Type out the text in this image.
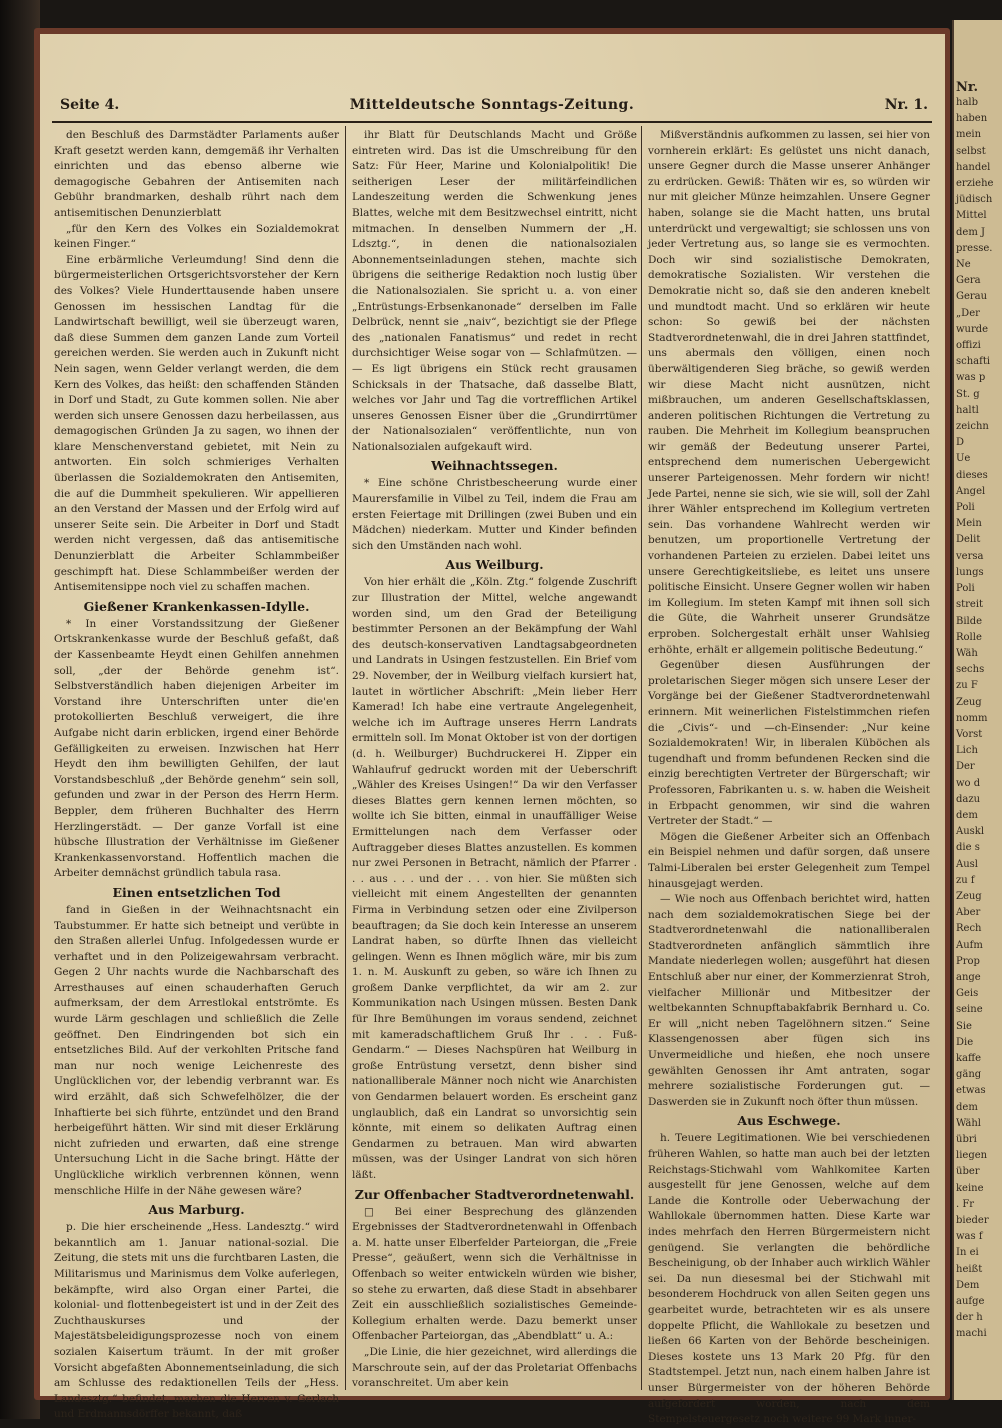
Seite 4.	Mitteldeutsche Sonntags-Zeitung.	Nr. 1.

den Beschluß des Darmstädter Parlaments außer Kraft gesetzt werden kann, demgemäß ihr Verhalten einrichten und das ebenso alberne wie demagogische Gebahren der Antisemiten nach Gebühr brandmarken, deshalb rührt nach dem antisemitischen Denunzierblatt

„für den Kern des Volkes ein Sozialdemokrat keinen Finger.“

Eine erbärmliche Verleumdung! Sind denn die bürgermeisterlichen Ortsgerichtsvorsteher der Kern des Volkes? Viele Hunderttausende haben unsere Genossen im hessischen Landtag für die Landwirtschaft bewilligt, weil sie überzeugt waren, daß diese Summen dem ganzen Lande zum Vorteil gereichen werden. Sie werden auch in Zukunft nicht Nein sagen, wenn Gelder verlangt werden, die dem Kern des Volkes, das heißt: den schaffenden Ständen in Dorf und Stadt, zu Gute kommen sollen. Nie aber werden sich unsere Genossen dazu herbeilassen, aus demagogischen Gründen Ja zu sagen, wo ihnen der klare Menschenverstand gebietet, mit Nein zu antworten. Ein solch schmieriges Verhalten überlassen die Sozialdemokraten den Antisemiten, die auf die Dummheit spekulieren. Wir appellieren an den Verstand der Massen und der Erfolg wird auf unserer Seite sein. Die Arbeiter in Dorf und Stadt werden nicht vergessen, daß das antisemitische Denunzierblatt die Arbeiter Schlammbeißer geschimpft hat. Diese Schlammbeißer werden der Antisemitensippe noch viel zu schaffen machen.

Gießener Krankenkassen-Idylle.

* In einer Vorstandssitzung der Gießener Ortskrankenkasse wurde der Beschluß gefaßt, daß der Kassenbeamte Heydt einen Gehilfen annehmen soll, „der der Behörde genehm ist“. Selbstverständlich haben diejenigen Arbeiter im Vorstand ihre Unterschriften unter die'en protokollierten Beschluß verweigert, die ihre Aufgabe nicht darin erblicken, irgend einer Behörde Gefälligkeiten zu erweisen. Inzwischen hat Herr Heydt den ihm bewilligten Gehilfen, der laut Vorstandsbeschluß „der Behörde genehm“ sein soll, gefunden und zwar in der Person des Herrn Herm. Beppler, dem früheren Buchhalter des Herrn Herzlingerstädt. — Der ganze Vorfall ist eine hübsche Illustration der Verhältnisse im Gießener Krankenkassenvorstand. Hoffentlich machen die Arbeiter demnächst gründlich tabula rasa.

Einen entsetzlichen Tod

fand in Gießen in der Weihnachtsnacht ein Taubstummer. Er hatte sich betneipt und verübte in den Straßen allerlei Unfug. Infolgedessen wurde er verhaftet und in den Polizeigewahrsam verbracht. Gegen 2 Uhr nachts wurde die Nachbarschaft des Arresthauses auf einen schauderhaften Geruch aufmerksam, der dem Arrestlokal entströmte. Es wurde Lärm geschlagen und schließlich die Zelle geöffnet. Den Eindringenden bot sich ein entsetzliches Bild. Auf der verkohlten Pritsche fand man nur noch wenige Leichenreste des Unglücklichen vor, der lebendig verbrannt war. Es wird erzählt, daß sich Schwefelhölzer, die der Inhaftierte bei sich führte, entzündet und den Brand herbeigeführt hätten. Wir sind mit dieser Erklärung nicht zufrieden und erwarten, daß eine strenge Untersuchung Licht in die Sache bringt. Hätte der Unglückliche wirklich verbrennen können, wenn menschliche Hilfe in der Nähe gewesen wäre?

Aus Marburg.

p. Die hier erscheinende „Hess. Landesztg.“ wird bekanntlich am 1. Januar national-sozial. Die Zeitung, die stets mit uns die furchtbaren Lasten, die Militarismus und Marinismus dem Volke auferlegen, bekämpfte, wird also Organ einer Partei, die kolonial- und flottenbegeistert ist und in der Zeit des Zuchthauskurses und der Majestätsbeleidigungsprozesse noch von einem sozialen Kaisertum träumt. In der mit großer Vorsicht abgefaßten Abonnementseinladung, die sich am Schlusse des redaktionellen Teils der „Hess. Landesztg.“ befindet, machen die Herren v. Gerlach und Erdmannsdörffer bekannt, daß

ihr Blatt für Deutschlands Macht und Größe eintreten wird. Das ist die Umschreibung für den Satz: Für Heer, Marine und Kolonialpolitik! Die seitherigen Leser der militärfeindlichen Landeszeitung werden die Schwenkung jenes Blattes, welche mit dem Besitzwechsel eintritt, nicht mitmachen. In denselben Nummern der „H. Ldsztg.“, in denen die nationalsozialen Abonnementseinladungen stehen, machte sich übrigens die seitherige Redaktion noch lustig über die Nationalsozialen. Sie spricht u. a. von einer „Entrüstungs-Erbsenkanonade“ derselben im Falle Delbrück, nennt sie „naiv“, bezichtigt sie der Pflege des „nationalen Fanatismus“ und redet in recht durchsichtiger Weise sogar von — Schlafmützen. — — Es ligt übrigens ein Stück recht grausamen Schicksals in der Thatsache, daß dasselbe Blatt, welches vor Jahr und Tag die vortrefflichen Artikel unseres Genossen Eisner über die „Grundirrtümer der Nationalsozialen“ veröffentlichte, nun von Nationalsozialen aufgekauft wird.

Weihnachtssegen.

* Eine schöne Christbescheerung wurde einer Maurersfamilie in Vilbel zu Teil, indem die Frau am ersten Feiertage mit Drillingen (zwei Buben und ein Mädchen) niederkam. Mutter und Kinder befinden sich den Umständen nach wohl.

Aus Weilburg.

Von hier erhält die „Köln. Ztg.“ folgende Zuschrift zur Illustration der Mittel, welche angewandt worden sind, um den Grad der Beteiligung bestimmter Personen an der Bekämpfung der Wahl des deutsch-konservativen Landtagsabgeordneten und Landrats in Usingen festzustellen. Ein Brief vom 29. November, der in Weilburg vielfach kursiert hat, lautet in wörtlicher Abschrift: „Mein lieber Herr Kamerad! Ich habe eine vertraute Angelegenheit, welche ich im Auftrage unseres Herrn Landrats ermitteln soll. Im Monat Oktober ist von der dortigen (d. h. Weilburger) Buchdruckerei H. Zipper ein Wahlaufruf gedruckt worden mit der Ueberschrift „Wähler des Kreises Usingen!“ Da wir den Verfasser dieses Blattes gern kennen lernen möchten, so wollte ich Sie bitten, einmal in unauffälliger Weise Ermittelungen nach dem Verfasser oder Auftraggeber dieses Blattes anzustellen. Es kommen nur zwei Personen in Betracht, nämlich der Pfarrer . . . aus . . . und der . . . von hier. Sie müßten sich vielleicht mit einem Angestellten der genannten Firma in Verbindung setzen oder eine Zivilperson beauftragen; da Sie doch kein Interesse an unserem Landrat haben, so dürfte Ihnen das vielleicht gelingen. Wenn es Ihnen möglich wäre, mir bis zum 1. n. M. Auskunft zu geben, so wäre ich Ihnen zu großem Danke verpflichtet, da wir am 2. zur Kommunikation nach Usingen müssen. Besten Dank für Ihre Bemühungen im voraus sendend, zeichnet mit kameradschaftlichem Gruß Ihr . . . Fuß-Gendarm.“ — Dieses Nachspüren hat Weilburg in große Entrüstung versetzt, denn bisher sind nationalliberale Männer noch nicht wie Anarchisten von Gendarmen belauert worden. Es erscheint ganz unglaublich, daß ein Landrat so unvorsichtig sein könnte, mit einem so delikaten Auftrag einen Gendarmen zu betrauen. Man wird abwarten müssen, was der Usinger Landrat von sich hören läßt.

Zur Offenbacher Stadtverordnetenwahl.

□ Bei einer Besprechung des glänzenden Ergebnisses der Stadtverordnetenwahl in Offenbach a. M. hatte unser Elberfelder Parteiorgan, die „Freie Presse“, geäußert, wenn sich die Verhältnisse in Offenbach so weiter entwickeln würden wie bisher, so stehe zu erwarten, daß diese Stadt in absehbarer Zeit ein ausschließlich sozialistisches Gemeinde-Kollegium erhalten werde. Dazu bemerkt unser Offenbacher Parteiorgan, das „Abendblatt“ u. A.:

„Die Linie, die hier gezeichnet, wird allerdings die Marschroute sein, auf der das Proletariat Offenbachs voranschreitet. Um aber kein

Mißverständnis aufkommen zu lassen, sei hier von vornherein erklärt: Es gelüstet uns nicht danach, unsere Gegner durch die Masse unserer Anhänger zu erdrücken. Gewiß: Thäten wir es, so würden wir nur mit gleicher Münze heimzahlen. Unsere Gegner haben, solange sie die Macht hatten, uns brutal unterdrückt und vergewaltigt; sie schlossen uns von jeder Vertretung aus, so lange sie es vermochten. Doch wir sind sozialistische Demokraten, demokratische Sozialisten. Wir verstehen die Demokratie nicht so, daß sie den anderen knebelt und mundtodt macht. Und so erklären wir heute schon: So gewiß bei der nächsten Stadtverordnetenwahl, die in drei Jahren stattfindet, uns abermals den völligen, einen noch überwältigenderen Sieg bräche, so gewiß werden wir diese Macht nicht ausnützen, nicht mißbrauchen, um anderen Gesellschaftsklassen, anderen politischen Richtungen die Vertretung zu rauben. Die Mehrheit im Kollegium beanspruchen wir gemäß der Bedeutung unserer Partei, entsprechend dem numerischen Uebergewicht unserer Parteigenossen. Mehr fordern wir nicht! Jede Partei, nenne sie sich, wie sie will, soll der Zahl ihrer Wähler entsprechend im Kollegium vertreten sein. Das vorhandene Wahlrecht werden wir benutzen, um proportionelle Vertretung der vorhandenen Parteien zu erzielen. Dabei leitet uns unsere Gerechtigkeitsliebe, es leitet uns unsere politische Einsicht. Unsere Gegner wollen wir haben im Kollegium. Im steten Kampf mit ihnen soll sich die Güte, die Wahrheit unserer Grundsätze erproben. Solchergestalt erhält unser Wahlsieg erhöhte, erhält er allgemein politische Bedeutung.“

Gegenüber diesen Ausführungen der proletarischen Sieger mögen sich unsere Leser der Vorgänge bei der Gießener Stadtverordnetenwahl erinnern. Mit weinerlichen Fistelstimmchen riefen die „Civis“- und —ch-Einsender: „Nur keine Sozialdemokraten! Wir, in liberalen Küböchen als tugendhaft und fromm befundenen Recken sind die einzig berechtigten Vertreter der Bürgerschaft; wir Professoren, Fabrikanten u. s. w. haben die Weisheit in Erbpacht genommen, wir sind die wahren Vertreter der Stadt.“ —

Mögen die Gießener Arbeiter sich an Offenbach ein Beispiel nehmen und dafür sorgen, daß unsere Talmi-Liberalen bei erster Gelegenheit zum Tempel hinausgejagt werden.

— Wie noch aus Offenbach berichtet wird, hatten nach dem sozialdemokratischen Siege bei der Stadtverordnetenwahl die nationalliberalen Stadtverordneten anfänglich sämmtlich ihre Mandate niederlegen wollen; ausgeführt hat diesen Entschluß aber nur einer, der Kommerzienrat Stroh, vielfacher Millionär und Mitbesitzer der weltbekannten Schnupftabakfabrik Bernhard u. Co. Er will „nicht neben Tagelöhnern sitzen.“ Seine Klassengenossen aber fügen sich ins Unvermeidliche und hießen, ehe noch unsere gewählten Genossen ihr Amt antraten, sogar mehrere sozialistische Forderungen gut. — Daswerden sie in Zukunft noch öfter thun müssen.

Aus Eschwege.

h. Teuere Legitimationen. Wie bei verschiedenen früheren Wahlen, so hatte man auch bei der letzten Reichstags-Stichwahl vom Wahlkomitee Karten ausgestellt für jene Genossen, welche auf dem Lande die Kontrolle oder Ueberwachung der Wahllokale übernommen hatten. Diese Karte war indes mehrfach den Herren Bürgermeistern nicht genügend. Sie verlangten die behördliche Bescheinigung, ob der Inhaber auch wirklich Wähler sei. Da nun diesesmal bei der Stichwahl mit besonderem Hochdruck von allen Seiten gegen uns gearbeitet wurde, betrachteten wir es als unsere doppelte Pflicht, die Wahllokale zu besetzen und ließen 66 Karten von der Behörde bescheinigen. Dieses kostete uns 13 Mark 20 Pfg. für den Stadtstempel. Jetzt nun, nach einem halben Jahre ist unser Bürgermeister von der höheren Behörde aufgefordert worden, nach dem Stempelsteuergesetz noch weitere 99 Mark inner-

Nr.
halb
haben
mein
selbst
handel
erziehe
jüdisch
Mittel
dem J
presse.
Ne
Gera
Gerau
„Der
wurde
offizi
schafti
was p
St. g
haltl
zeichn
D
Ue
dieses
Angel
Poli
Mein
Delit
versa
lungs
Poli
streit
Bilde
Rolle
Wäh
sechs
zu F
Zeug
nomm
Vorst
Lich
Der
wo d
dazu
dem
Auskl
die s
Ausl
zu f
Zeug
Aber
Rech
Aufm
Prop
ange
Geis
seine
Sie
Die
kaffe
gäng
etwas
dem
Wähl
übri
liegen
über
keine
. Fr
bieder
was f
In ei
heißt
Dem
aufge
der h
machi
